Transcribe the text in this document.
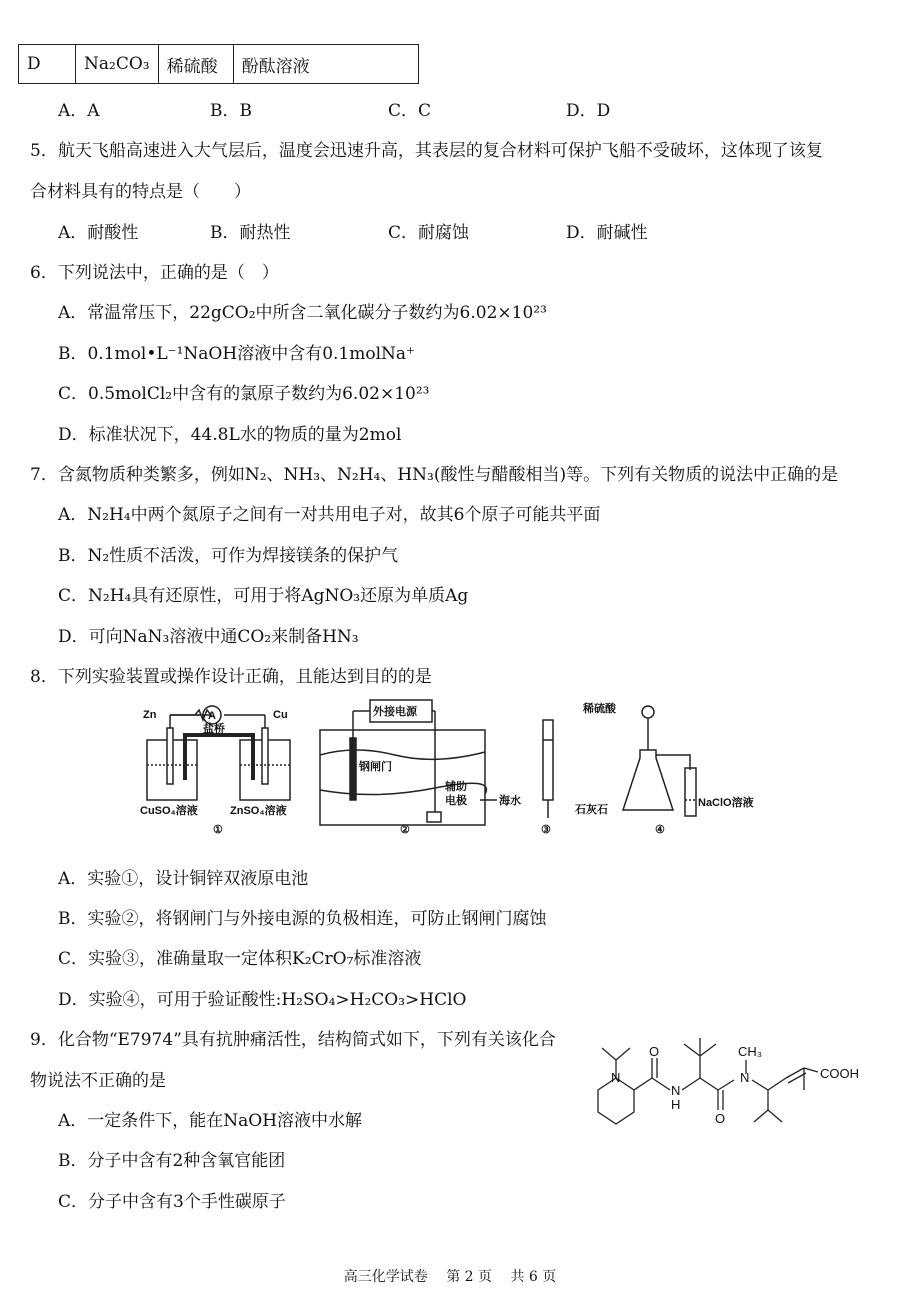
D	Na₂CO₃	稀硫酸	酚酞溶液
A．A	B．B	C．C	D．D
5．航天飞船高速进入大气层后，温度会迅速升高，其表层的复合材料可保护飞船不受破坏，这体现了该复
合材料具有的特点是（　　）
A．耐酸性	B．耐热性	C．耐腐蚀	D．耐碱性
6．下列说法中，正确的是（　）
A．常温常压下，22gCO₂中所含二氧化碳分子数约为6.02×10²³
B．0.1mol•L⁻¹NaOH溶液中含有0.1molNa⁺
C．0.5molCl₂中含有的氯原子数约为6.02×10²³
D．标准状况下，44.8L水的物质的量为2mol
7．含氮物质种类繁多，例如N₂、NH₃、N₂H₄、HN₃(酸性与醋酸相当)等。下列有关物质的说法中正确的是
A．N₂H₄中两个氮原子之间有一对共用电子对，故其6个原子可能共平面
B．N₂性质不活泼，可作为焊接镁条的保护气
C．N₂H₄具有还原性，可用于将AgNO₃还原为单质Ag
D．可向NaN₃溶液中通CO₂来制备HN₃
8．下列实验装置或操作设计正确，且能达到目的的是
Zn	Cu
A
盐桥
CuSO₄溶液	ZnSO₄溶液
①
外接电源
钢闸门
辅助
电极	海水
②	③
稀硫酸
石灰石
NaClO溶液
④
A．实验①，设计铜锌双液原电池
B．实验②，将钢闸门与外接电源的负极相连，可防止钢闸门腐蚀
C．实验③，准确量取一定体积K₂CrO₇标准溶液
D．实验④，可用于验证酸性:H₂SO₄>H₂CO₃>HClO
9．化合物“E7974”具有抗肿痛活性，结构简式如下，下列有关该化合
物说法不正确的是
A．一定条件下，能在NaOH溶液中水解
B．分子中含有2种含氧官能团
C．分子中含有3个手性碳原子
N
O
N
H
O
N
CH₃
COOH
高三化学试卷　 第 2 页　 共 6 页
